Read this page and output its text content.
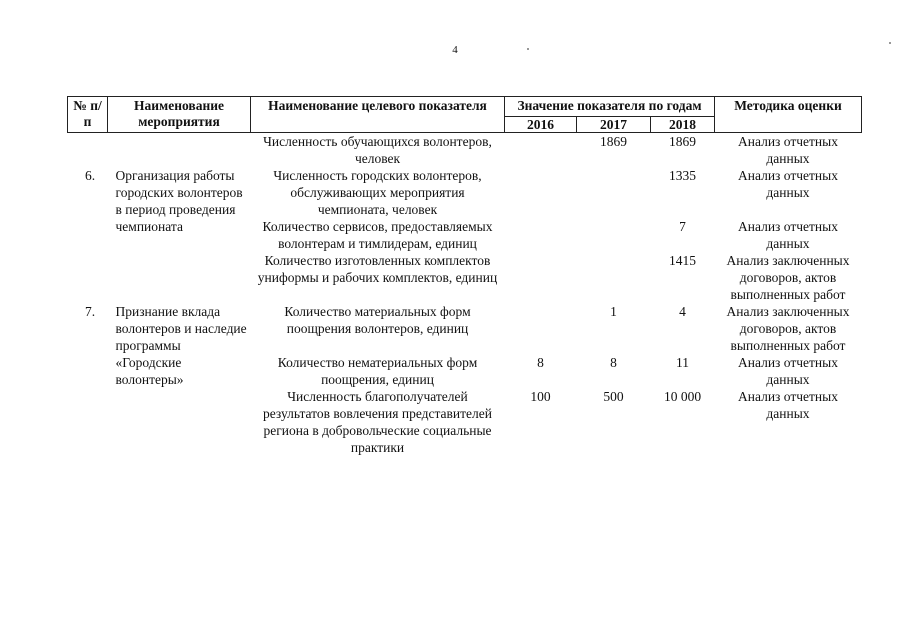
4
№ п/п	Наименование мероприятия	Наименование целевого показателя	Значение показателя по годам			Методика оценки
			2016	2017	2018	
		Численность обучающихся волонтеров, человек		1869	1869	Анализ отчетных данных
6.	Организация работы городских волонтеров в период проведения чемпионата	Численность городских волонтеров, обслуживающих мероприятия чемпионата, человек			1335	Анализ отчетных данных
		Количество сервисов, предоставляемых волонтерам и тимлидерам, единиц			7	Анализ отчетных данных
		Количество изготовленных комплектов униформы и рабочих комплектов, единиц			1415	Анализ заключенных договоров, актов выполненных работ
7.	Признание вклада волонтеров и наследие программы «Городские волонтеры»	Количество материальных форм поощрения волонтеров, единиц		1	4	Анализ заключенных договоров, актов выполненных работ
		Количество нематериальных форм поощрения, единиц	8	8	11	Анализ отчетных данных
		Численность благополучателей результатов вовлечения представителей региона в добровольческие социальные практики	100	500	10 000	Анализ отчетных данных
